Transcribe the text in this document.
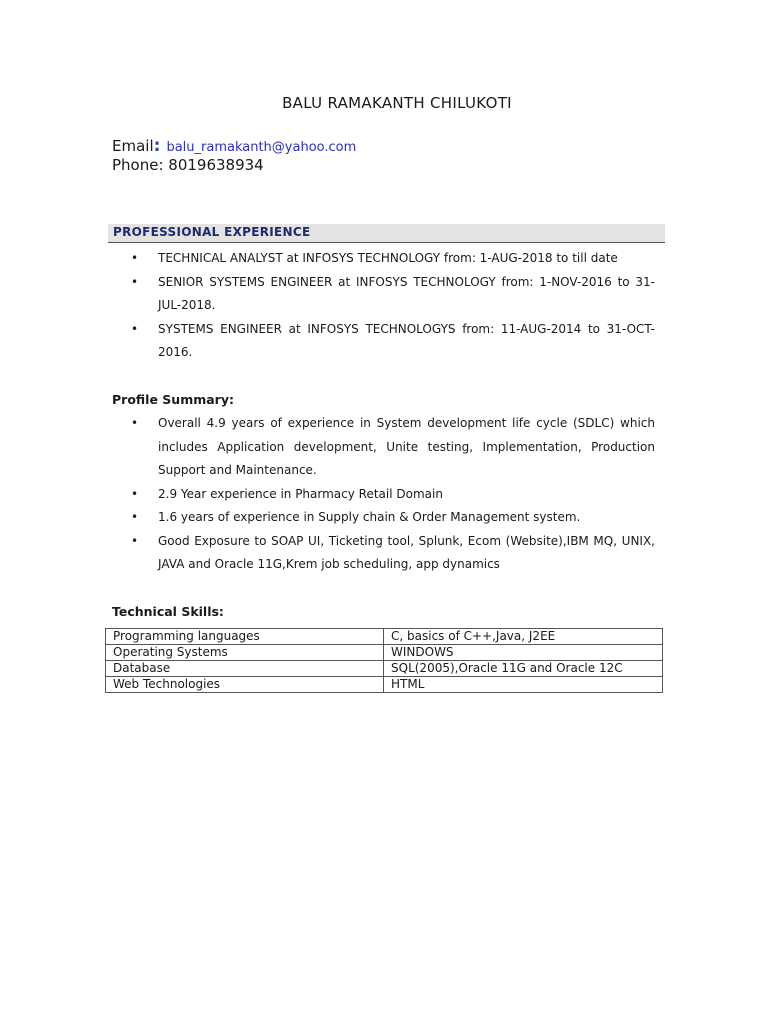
BALU RAMAKANTH CHILUKOTI
Email: balu_ramakanth@yahoo.com
Phone: 8019638934
PROFESSIONAL EXPERIENCE
• TECHNICAL ANALYST at INFOSYS TECHNOLOGY from: 1-AUG-2018 to till date
• SENIOR SYSTEMS ENGINEER at INFOSYS TECHNOLOGY from: 1-NOV-2016 to 31-JUL-2018.
• SYSTEMS ENGINEER at INFOSYS TECHNOLOGYS from: 11-AUG-2014 to 31-OCT-2016.
Profile Summary:
• Overall 4.9 years of experience in System development life cycle (SDLC) which includes Application development, Unite testing, Implementation, Production Support and Maintenance.
• 2.9 Year experience in Pharmacy Retail Domain
• 1.6 years of experience in Supply chain & Order Management system.
• Good Exposure to SOAP UI, Ticketing tool, Splunk, Ecom (Website),IBM MQ, UNIX, JAVA and Oracle 11G,Krem job scheduling, app dynamics
Technical Skills:
Programming languages	C, basics of C++,Java, J2EE
Operating Systems	WINDOWS
Database	SQL(2005),Oracle 11G and Oracle 12C
Web Technologies	HTML
